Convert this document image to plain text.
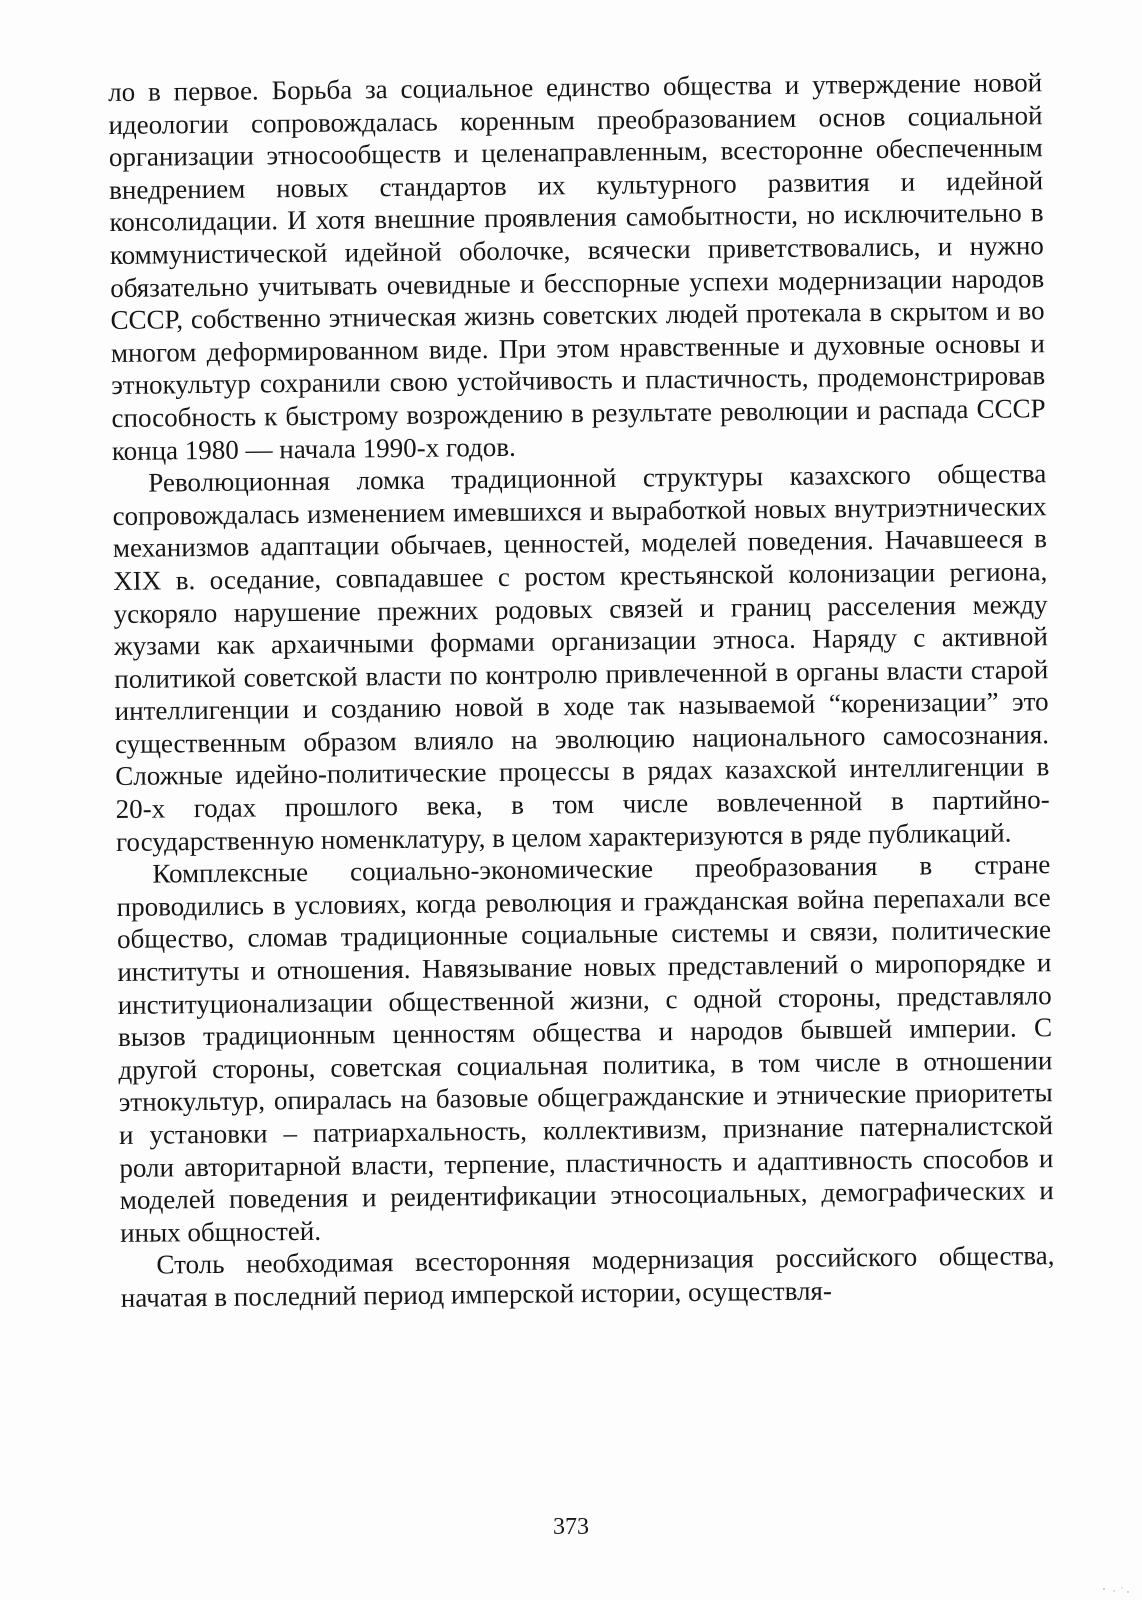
ло в первое. Борьба за социальное единство общества и утверждение новой идеологии сопровождалась коренным преобразованием основ социальной организации этносообществ и целенаправленным, всесторонне обеспеченным внедрением новых стандартов их культурного развития и идейной консолидации. И хотя внешние проявления самобытности, но исключительно в коммунистической идейной оболочке, всячески приветствовались, и нужно обязательно учитывать очевидные и бесспорные успехи модернизации народов СССР, собственно этническая жизнь советских людей протекала в скрытом и во многом деформированном виде. При этом нравственные и духовные основы и этнокультур сохранили свою устойчивость и пластичность, продемонстрировав способность к быстрому возрождению в результате революции и распада СССР конца 1980 — начала 1990-х годов.

Революционная ломка традиционной структуры казахского общества сопровождалась изменением имевшихся и выработкой новых внутриэтнических механизмов адаптации обычаев, ценностей, моделей поведения. Начавшееся в XIX в. оседание, совпадавшее с ростом крестьянской колонизации региона, ускоряло нарушение прежних родовых связей и границ расселения между жузами как архаичными формами организации этноса. Наряду с активной политикой советской власти по контролю привлеченной в органы власти старой интеллигенции и созданию новой в ходе так называемой “коренизации” это существенным образом влияло на эволюцию национального самосознания. Сложные идейно-политические процессы в рядах казахской интеллигенции в 20-х годах прошлого века, в том числе вовлеченной в партийно-государственную номенклатуру, в целом характеризуются в ряде публикаций.

Комплексные социально-экономические преобразования в стране проводились в условиях, когда революция и гражданская война перепахали все общество, сломав традиционные социальные системы и связи, политические институты и отношения. Навязывание новых представлений о миропорядке и институционализации общественной жизни, с одной стороны, представляло вызов традиционным ценностям общества и народов бывшей империи. С другой стороны, советская социальная политика, в том числе в отношении этнокультур, опиралась на базовые общегражданские и этнические приоритеты и установки – патриархальность, коллективизм, признание патерналистской роли авторитарной власти, терпение, пластичность и адаптивность способов и моделей поведения и реидентификации этносоциальных, демографических и иных общностей.

Столь необходимая всесторонняя модернизация российского общества, начатая в последний период имперской истории, осуществля-

373
